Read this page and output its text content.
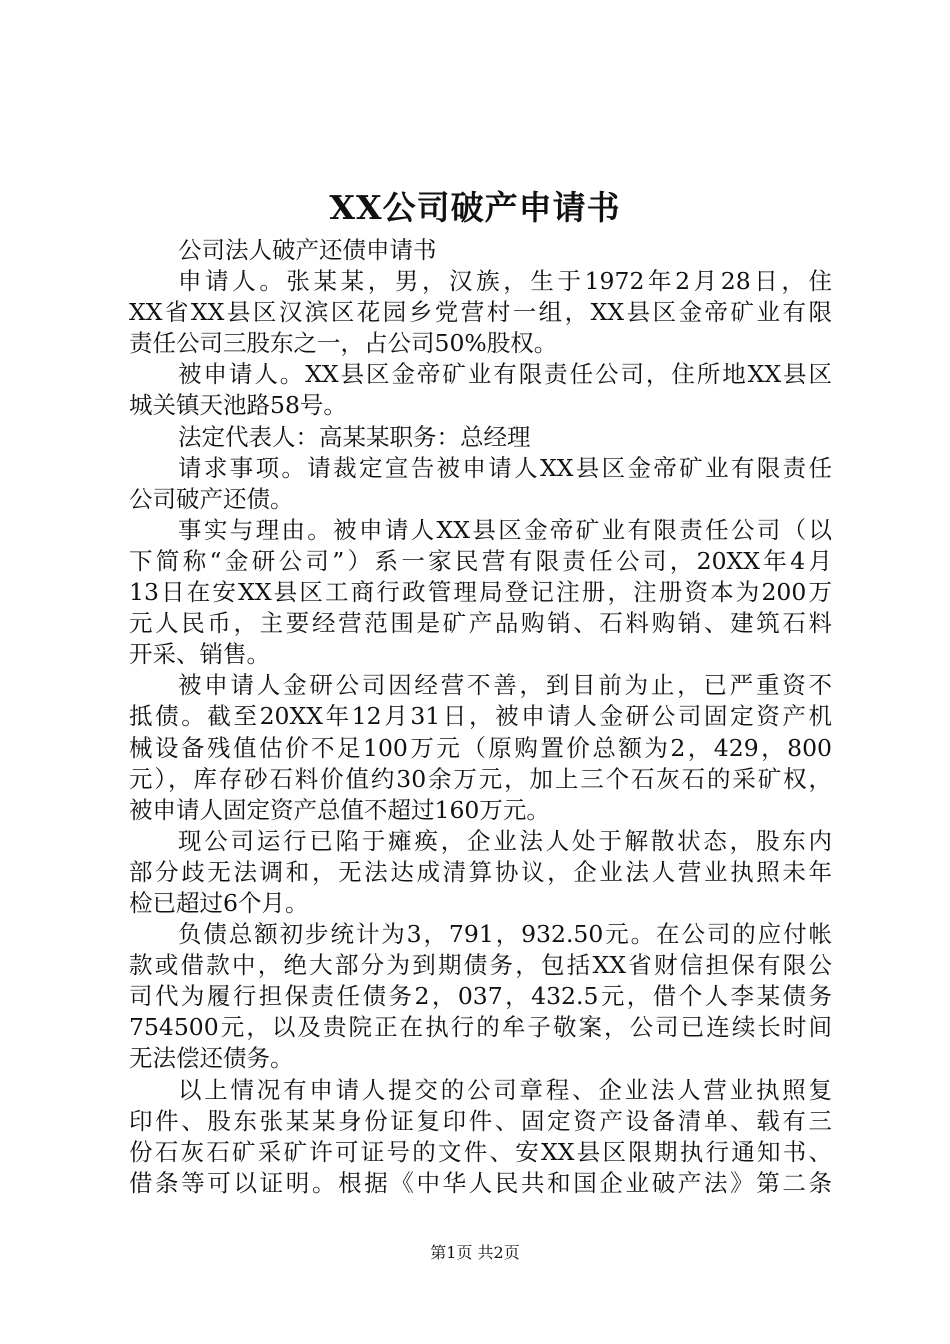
XX公司破产申请书
公司法人破产还债申请书
申请人。张某某，男，汉族，生于1972年2月28日，住
XX省XX县区汉滨区花园乡党营村一组，XX县区金帝矿业有限
责任公司三股东之一，占公司50%股权。
被申请人。XX县区金帝矿业有限责任公司，住所地XX县区
城关镇天池路58号。
法定代表人：高某某职务：总经理
请求事项。请裁定宣告被申请人XX县区金帝矿业有限责任
公司破产还债。
事实与理由。被申请人XX县区金帝矿业有限责任公司（以
下简称“金研公司”）系一家民营有限责任公司，20XX年4月
13日在安XX县区工商行政管理局登记注册，注册资本为200万
元人民币，主要经营范围是矿产品购销、石料购销、建筑石料
开采、销售。
被申请人金研公司因经营不善，到目前为止，已严重资不
抵债。截至20XX年12月31日，被申请人金研公司固定资产机
械设备残值估价不足100万元（原购置价总额为2，429，800
元），库存砂石料价值约30余万元，加上三个石灰石的采矿权，
被申请人固定资产总值不超过160万元。
现公司运行已陷于瘫痪，企业法人处于解散状态，股东内
部分歧无法调和，无法达成清算协议，企业法人营业执照未年
检已超过6个月。
负债总额初步统计为3，791，932.50元。在公司的应付帐
款或借款中，绝大部分为到期债务，包括XX省财信担保有限公
司代为履行担保责任债务2，037，432.5元，借个人李某债务
754500元，以及贵院正在执行的牟子敬案，公司已连续长时间
无法偿还债务。
以上情况有申请人提交的公司章程、企业法人营业执照复
印件、股东张某某身份证复印件、固定资产设备清单、载有三
份石灰石矿采矿许可证号的文件、安XX县区限期执行通知书、
借条等可以证明。根据《中华人民共和国企业破产法》第二条
第1页 共2页
